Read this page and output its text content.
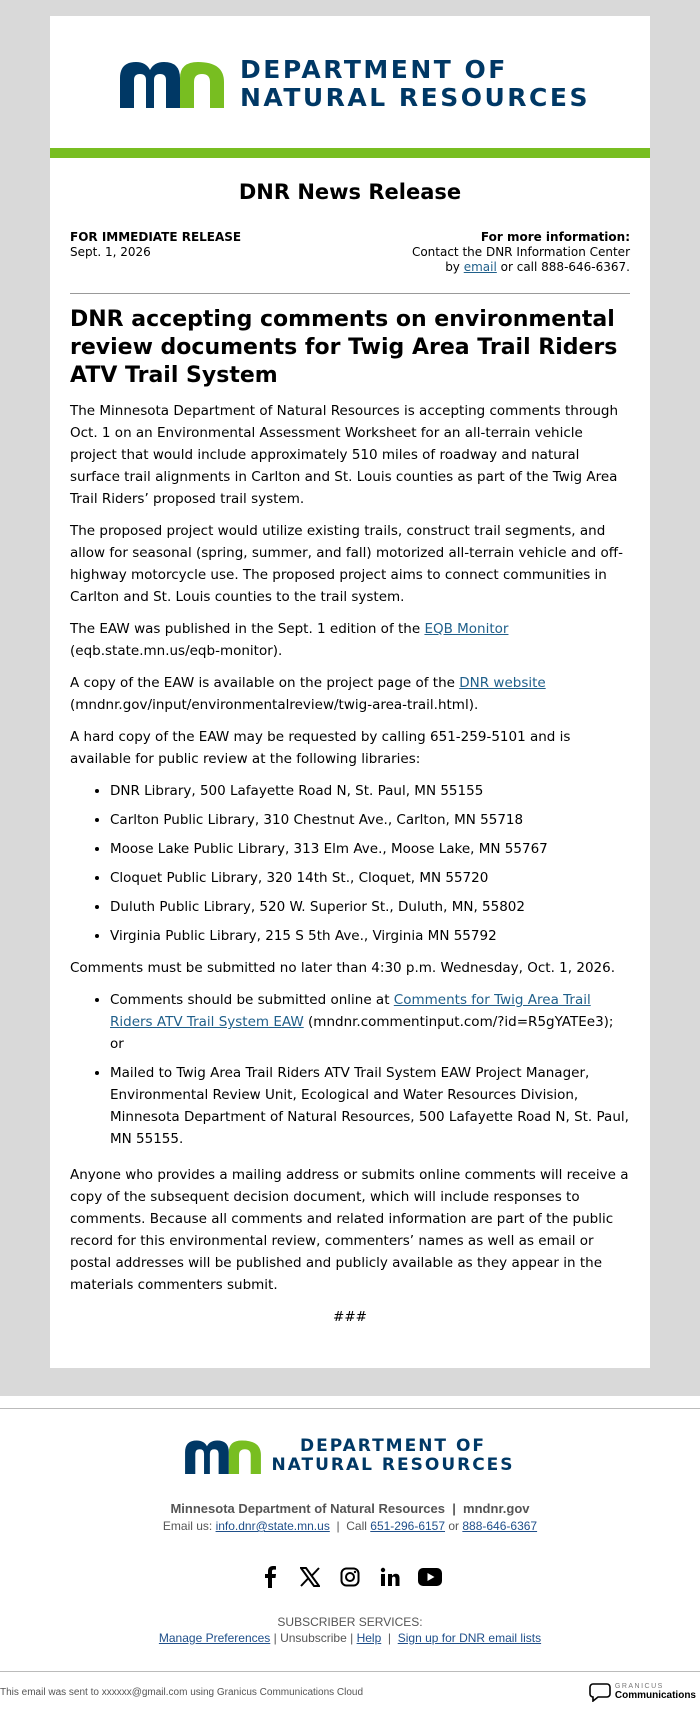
DEPARTMENT OF
NATURAL RESOURCES
DNR News Release
FOR IMMEDIATE RELEASE
Sept. 1, 2026
For more information:
Contact the DNR Information Center
by email or call 888-646-6367.
DNR accepting comments on environmental review documents for Twig Area Trail Riders ATV Trail System

The Minnesota Department of Natural Resources is accepting comments through Oct. 1 on an Environmental Assessment Worksheet for an all-terrain vehicle project that would include approximately 510 miles of roadway and natural surface trail alignments in Carlton and St. Louis counties as part of the Twig Area Trail Riders’ proposed trail system.

The proposed project would utilize existing trails, construct trail segments, and allow for seasonal (spring, summer, and fall) motorized all-terrain vehicle and off-highway motorcycle use. The proposed project aims to connect communities in Carlton and St. Louis counties to the trail system.

The EAW was published in the Sept. 1 edition of the EQB Monitor (eqb.state.mn.us/eqb-monitor).

A copy of the EAW is available on the project page of the DNR website (mndnr.gov/input/environmentalreview/twig-area-trail.html).

A hard copy of the EAW may be requested by calling 651-259-5101 and is available for public review at the following libraries:

• DNR Library, 500 Lafayette Road N, St. Paul, MN 55155
• Carlton Public Library, 310 Chestnut Ave., Carlton, MN 55718
• Moose Lake Public Library, 313 Elm Ave., Moose Lake, MN 55767
• Cloquet Public Library, 320 14th St., Cloquet, MN 55720
• Duluth Public Library, 520 W. Superior St., Duluth, MN, 55802
• Virginia Public Library, 215 S 5th Ave., Virginia MN 55792

Comments must be submitted no later than 4:30 p.m. Wednesday, Oct. 1, 2026.

• Comments should be submitted online at Comments for Twig Area Trail Riders ATV Trail System EAW (mndnr.commentinput.com/?id=R5gYATEe3); or
• Mailed to Twig Area Trail Riders ATV Trail System EAW Project Manager, Environmental Review Unit, Ecological and Water Resources Division, Minnesota Department of Natural Resources, 500 Lafayette Road N, St. Paul, MN 55155.

Anyone who provides a mailing address or submits online comments will receive a copy of the subsequent decision document, which will include responses to comments. Because all comments and related information are part of the public record for this environmental review, commenters’ names as well as email or postal addresses will be published and publicly available as they appear in the materials commenters submit.

###

DEPARTMENT OF
NATURAL RESOURCES
Minnesota Department of Natural Resources  |  mndnr.gov
Email us: info.dnr@state.mn.us  |  Call 651-296-6157 or 888-646-6367
SUBSCRIBER SERVICES:
Manage Preferences | Unsubscribe | Help  |  Sign up for DNR email lists
This email was sent to xxxxxx@gmail.com using Granicus Communications Cloud	GRANICUS
Communications
